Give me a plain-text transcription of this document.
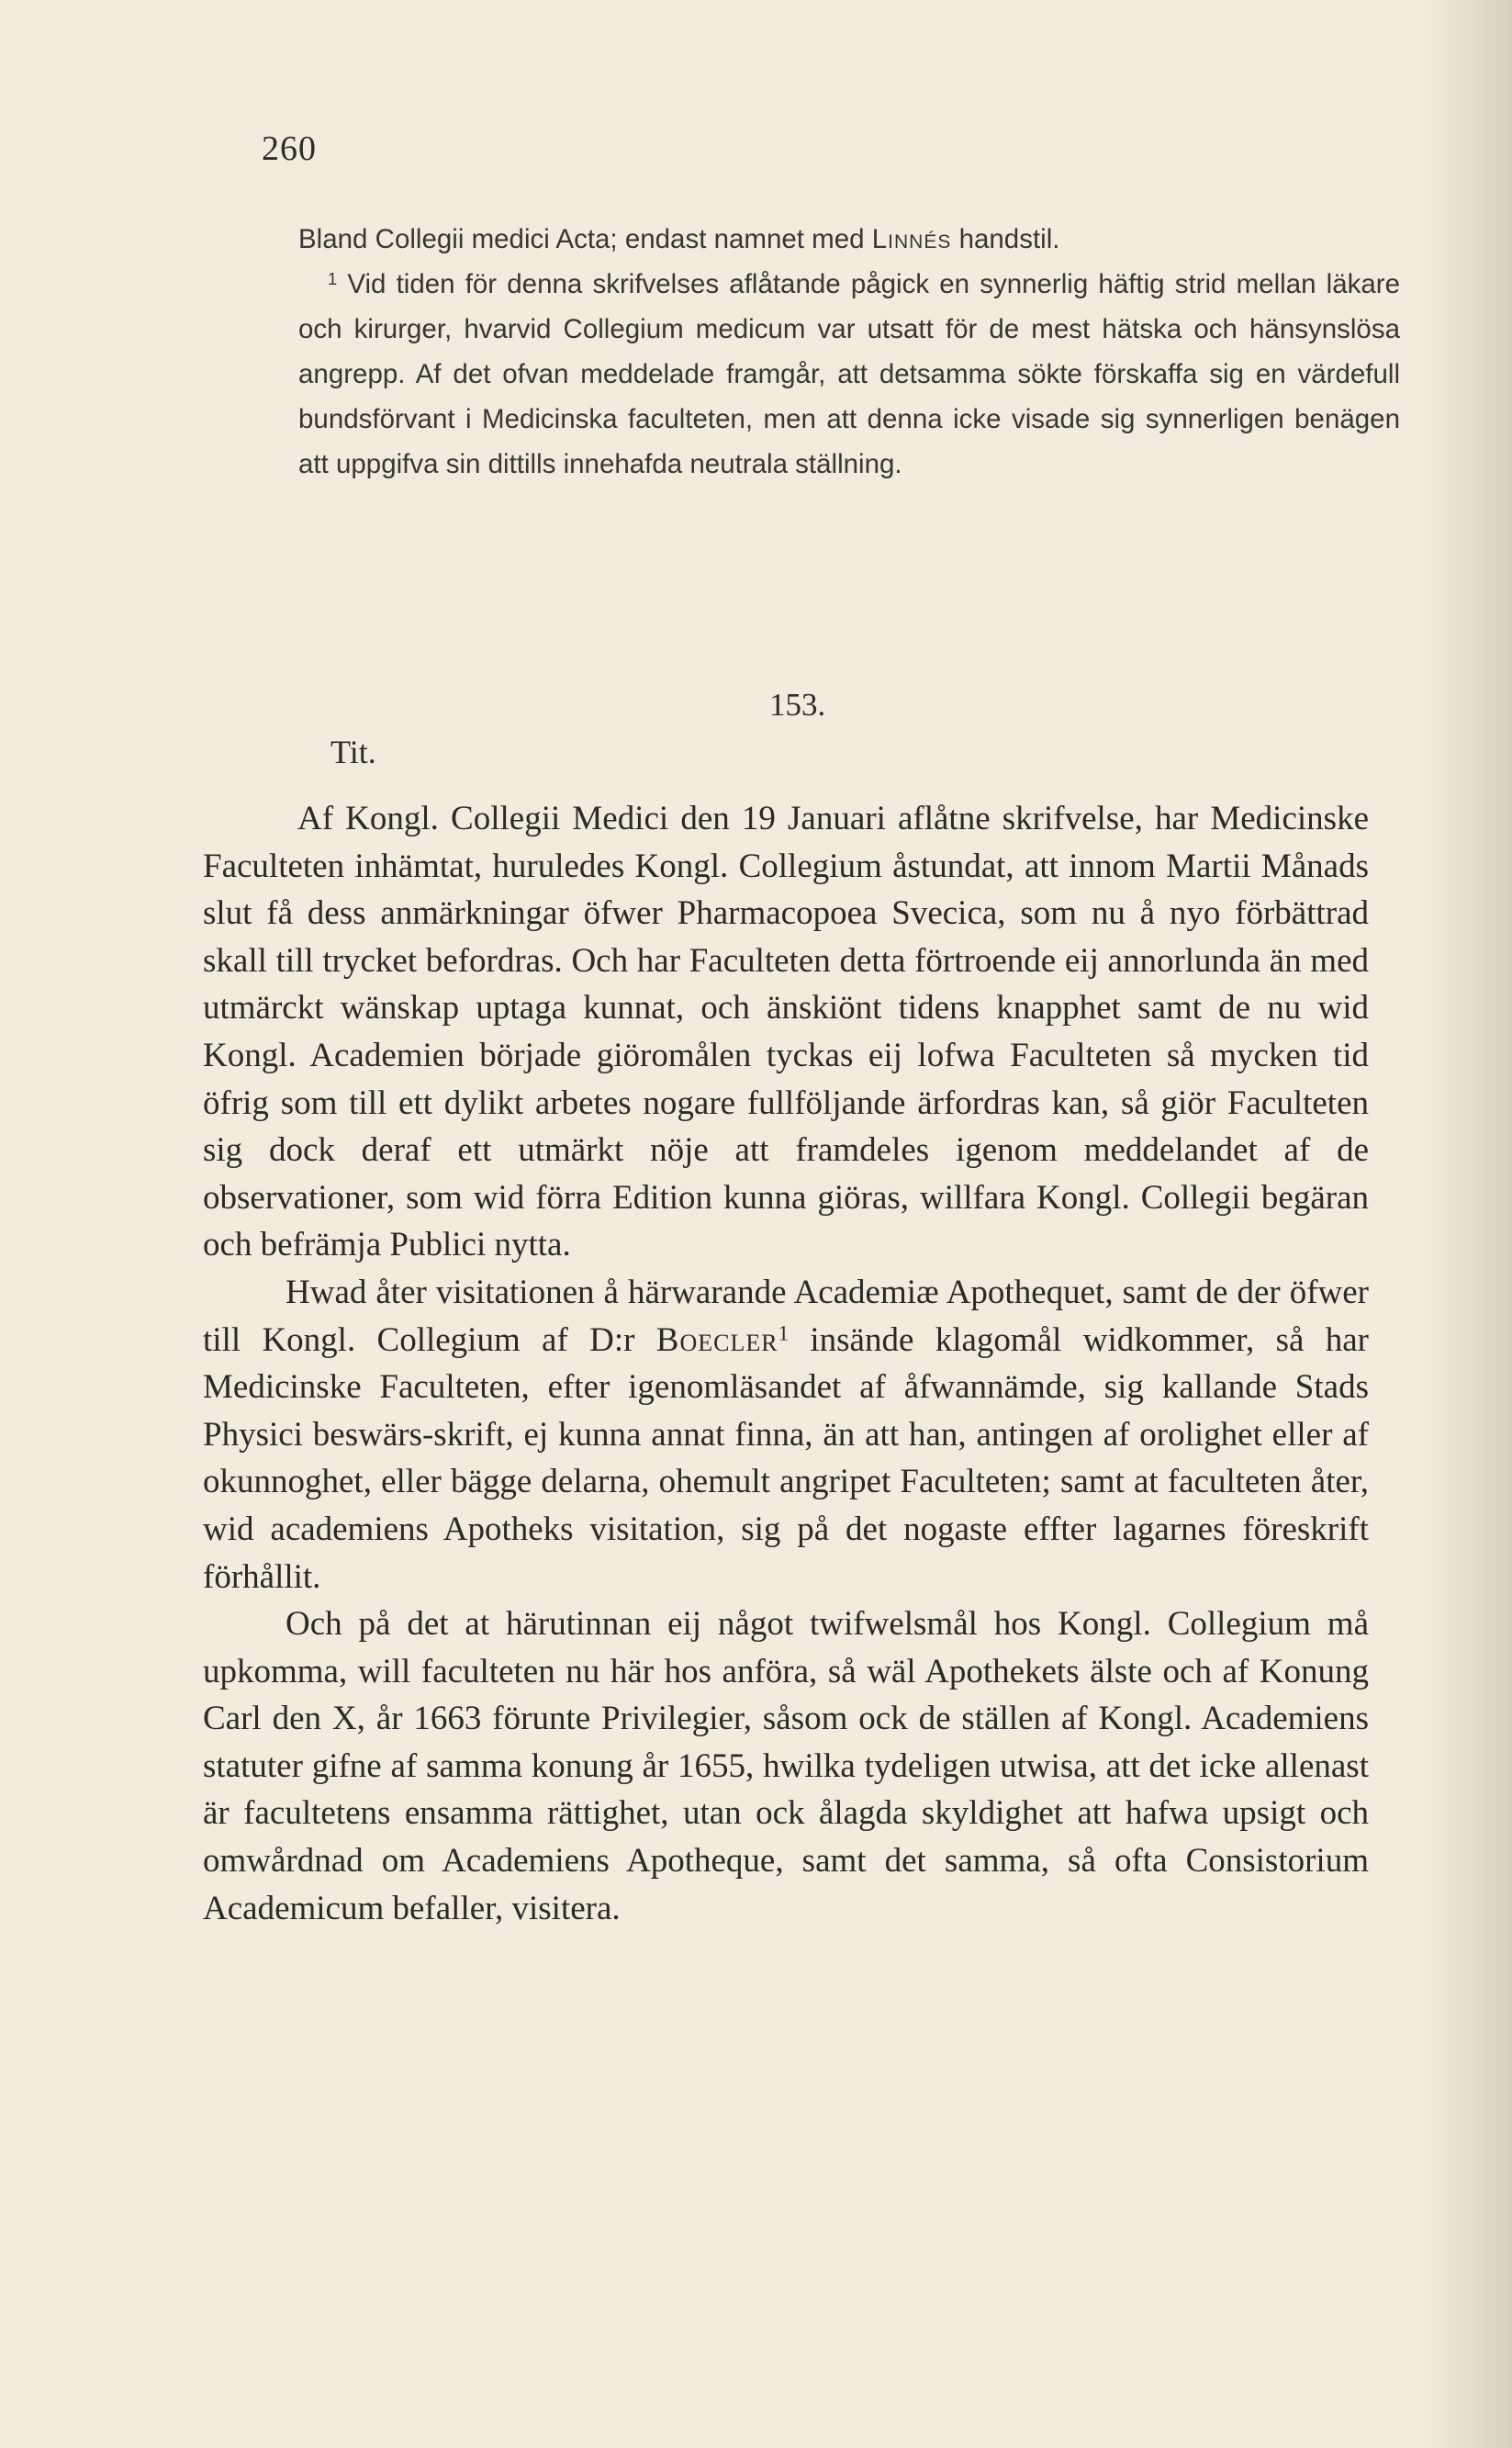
260

Bland Collegii medici Acta; endast namnet med Linnés handstil.

$^1$ Vid tiden för denna skrifvelses aflåtande pågick en synnerlig häftig strid mellan läkare och kirurger, hvarvid Collegium medicum var utsatt för de mest hätska och hänsynslösa angrepp. Af det ofvan meddelade framgår, att detsamma sökte förskaffa sig en värdefull bundsförvant i Medicinska faculteten, men att denna icke visade sig synnerligen benägen att uppgifva sin dittills innehafda neutrala ställning.

153.
Tit.

Af Kongl. Collegii Medici den 19 Januari aflåtne skrifvelse, har Medicinske Faculteten inhämtat, huruledes Kongl. Collegium åstundat, att innom Martii Månads slut få dess anmärkningar öfwer Pharmacopoea Svecica, som nu å nyo förbättrad skall till trycket befordras. Och har Faculteten detta förtroende eij annorlunda än med utmärckt wänskap uptaga kunnat, och änskiönt tidens knapphet samt de nu wid Kongl. Academien började giöromålen tyckas eij lofwa Faculteten så mycken tid öfrig som till ett dylikt arbetes nogare fullföljande ärfordras kan, så giör Faculteten sig dock deraf ett utmärkt nöje att framdeles igenom meddelandet af de observationer, som wid förra Edition kunna giöras, willfara Kongl. Collegii begäran och befrämja Publici nytta.

Hwad åter visitationen å härwarande Academiæ Apothequet, samt de der öfwer till Kongl. Collegium af D:r Boecler$^1$ insände klagomål widkommer, så har Medicinske Faculteten, efter igenomläsandet af åfwannämde, sig kallande Stads Physici beswärs-skrift, ej kunna annat finna, än att han, antingen af orolighet eller af okunnoghet, eller bägge delarna, ohemult angripet Faculteten; samt at faculteten åter, wid academiens Apotheks visitation, sig på det nogaste effter lagarnes föreskrift förhållit.

Och på det at härutinnan eij något twifwelsmål hos Kongl. Collegium må upkomma, will faculteten nu här hos anföra, så wäl Apothekets älste och af Konung Carl den X, år 1663 förunte Privilegier, såsom ock de ställen af Kongl. Academiens statuter gifne af samma konung år 1655, hwilka tydeligen utwisa, att det icke allenast är facultetens ensamma rättighet, utan ock ålagda skyldighet att hafwa upsigt och omwårdnad om Academiens Apotheque, samt det samma, så ofta Consistorium Academicum befaller, visitera.
